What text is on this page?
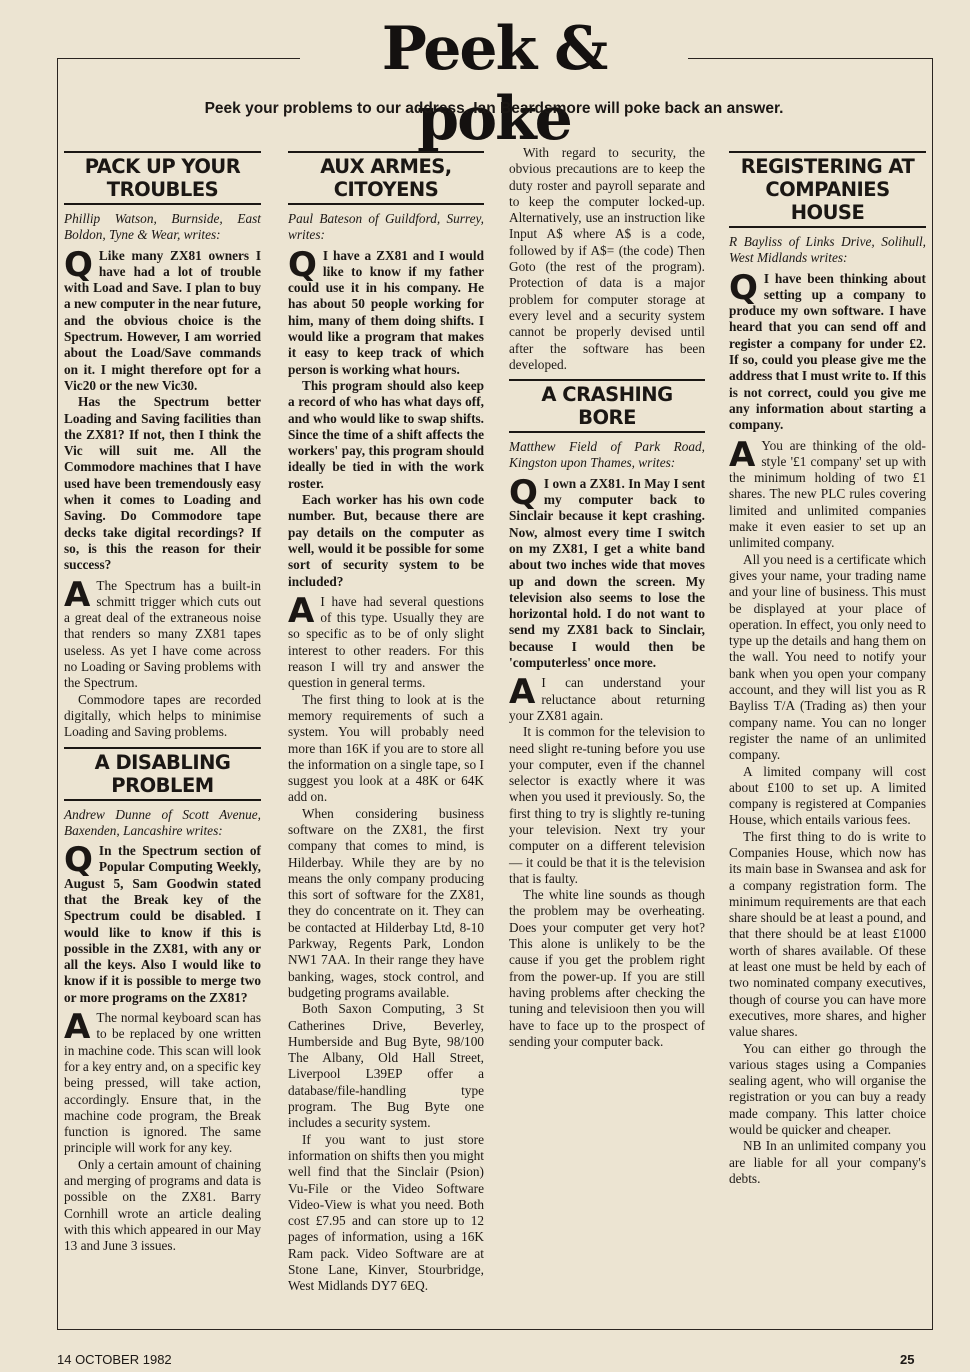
Peek & poke
Peek your problems to our address. Ian Beardsmore will poke back an answer.
PACK UP YOUR
TROUBLES

Phillip Watson, Burnside, East Boldon, Tyne & Wear, writes:

Q Like many ZX81 owners I have had a lot of trouble with Load and Save. I plan to buy a new computer in the near future, and the obvious choice is the Spectrum. However, I am worried about the Load/Save commands on it. I might therefore opt for a Vic20 or the new Vic30.

Has the Spectrum better Loading and Saving facilities than the ZX81? If not, then I think the Vic will suit me. All the Commodore machines that I have used have been tremendously easy when it comes to Loading and Saving. Do Commodore tape decks take digital recordings? If so, is this the reason for their success?

A The Spectrum has a built-in schmitt trigger which cuts out a great deal of the extraneous noise that renders so many ZX81 tapes useless. As yet I have come across no Loading or Saving problems with the Spectrum.

Commodore tapes are recorded digitally, which helps to minimise Loading and Saving problems.

A DISABLING
PROBLEM

Andrew Dunne of Scott Avenue, Baxenden, Lancashire writes:

Q In the Spectrum section of Popular Computing Weekly, August 5, Sam Goodwin stated that the Break key of the Spectrum could be disabled. I would like to know if this is possible in the ZX81, with any or all the keys. Also I would like to know if it is possible to merge two or more programs on the ZX81?
A The normal keyboard scan has to be replaced by one written in machine code. This scan will look for a key entry and, on a specific key being pressed, will take action, accordingly. Ensure that, in the machine code program, the Break function is ignored. The same principle will work for any key.

Only a certain amount of chaining and merging of programs and data is possible on the ZX81. Barry Cornhill wrote an article dealing with this which appeared in our May 13 and June 3 issues.

AUX ARMES,
CITOYENS

Paul Bateson of Guildford, Surrey, writes:

Q I have a ZX81 and I would like to know if my father could use it in his company. He has about 50 people working for him, many of them doing shifts. I would like a program that makes it easy to keep track of which person is working what hours.

This program should also keep a record of who has what days off, and who would like to swap shifts. Since the time of a shift affects the workers' pay, this program should ideally be tied in with the work roster.

Each worker has his own code number. But, because there are pay details on the computer as well, would it be possible for some sort of security system to be included?

A I have had several questions of this type. Usually they are so specific as to be of only slight interest to other readers. For this reason I will try and answer the question in general terms.

The first thing to look at is the memory requirements of such a system. You will probably need more than 16K if you are to store all the information on a single tape, so I suggest you look at a 48K or 64K add on.

When considering business software on the ZX81, the first company that comes to mind, is Hilderbay. While they are by no means the only company producing this sort of software for the ZX81, they do concentrate on it. They can be contacted at Hilderbay Ltd, 8-10 Parkway, Regents Park, London NW1 7AA. In their range they have banking, wages, stock control, and budgeting programs available.

Both Saxon Computing, 3 St Catherines Drive, Beverley, Humberside and Bug Byte, 98/100 The Albany, Old Hall Street, Liverpool L39EP offer a database/file-handling type program. The Bug Byte one includes a security system.

If you want to just store information on shifts then you might well find that the Sinclair (Psion) Vu-File or the Video Software Video-View is what you need. Both cost £7.95 and can store up to 12 pages of information, using a 16K Ram pack. Video Software are at Stone Lane, Kinver, Stourbridge, West Midlands DY7 6EQ.

With regard to security, the obvious precautions are to keep the duty roster and payroll separate and to keep the computer locked-up. Alternatively, use an instruction like Input A$ where A$ is a code, followed by if A$= (the code) Then Goto (the rest of the program). Protection of data is a major problem for computer storage at every level and a security system cannot be properly devised until after the software has been developed.

A CRASHING
BORE

Matthew Field of Park Road, Kingston upon Thames, writes:

Q I own a ZX81. In May I sent my computer back to Sinclair because it kept crashing. Now, almost every time I switch on my ZX81, I get a white band about two inches wide that moves up and down the screen. My television also seems to lose the horizontal hold. I do not want to send my ZX81 back to Sinclair, because I would then be 'computerless' once more.
A I can understand your reluctance about returning your ZX81 again.

It is common for the television to need slight re-tuning before you use your computer, even if the channel selector is exactly where it was when you used it previously. So, the first thing to try is slightly re-tuning your television. Next try your computer on a different television — it could be that it is the television that is faulty.

The white line sounds as though the problem may be overheating. Does your computer get very hot? This alone is unlikely to be the cause if you get the problem right from the power-up. If you are still having problems after checking the tuning and televisioon then you will have to face up to the prospect of sending your computer back.

REGISTERING AT
COMPANIES HOUSE

R Bayliss of Links Drive, Solihull, West Midlands writes:

Q I have been thinking about setting up a company to produce my own software. I have heard that you can send off and register a company for under £2. If so, could you please give me the address that I must write to. If this is not correct, could you give me any information about starting a company.
A You are thinking of the old-style '£1 company' set up with the minimum holding of two £1 shares. The new PLC rules covering limited and unlimited companies make it even easier to set up an unlimited company.

All you need is a certificate which gives your name, your trading name and your line of business. This must be displayed at your place of operation. In effect, you only need to type up the details and hang them on the wall. You need to notify your bank when you open your company account, and they will list you as R Bayliss T/A (Trading as) then your company name. You can no longer register the name of an unlimited company.

A limited company will cost about £100 to set up. A limited company is registered at Companies House, which entails various fees.

The first thing to do is write to Companies House, which now has its main base in Swansea and ask for a company registration form. The minimum requirements are that each share should be at least a pound, and that there should be at least £1000 worth of shares available. Of these at least one must be held by each of two nominated company executives, though of course you can have more executives, more shares, and higher value shares.

You can either go through the various stages using a Companies sealing agent, who will organise the registration or you can buy a ready made company. This latter choice would be quicker and cheaper.

NB In an unlimited company you are liable for all your company's debts.

14 OCTOBER 1982	25
